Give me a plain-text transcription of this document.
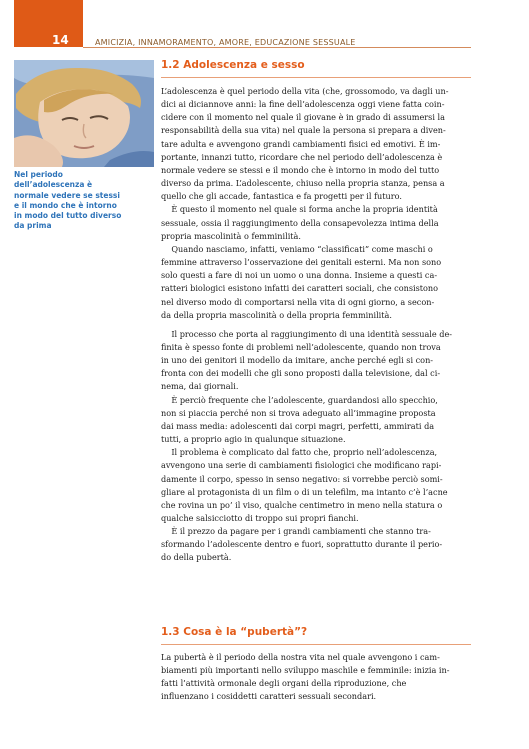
14	AMICIZIA, INNAMORAMENTO, AMORE, EDUCAZIONE SESSUALE

Nel periodo
dell’adolescenza è
normale vedere se stessi
e il mondo che è intorno
in modo del tutto diverso
da prima

1.2 Adolescenza e sesso

L’adolescenza è quel periodo della vita (che, grossomodo, va dagli un-
dici ai diciannove anni: la fine dell’adolescenza oggi viene fatta coin-
cidere con il momento nel quale il giovane è in grado di assumersi la
responsabilità della sua vita) nel quale la persona si prepara a diven-
tare adulta e avvengono grandi cambiamenti fisici ed emotivi. È im-
portante, innanzi tutto, ricordare che nel periodo dell’adolescenza è
normale vedere se stessi e il mondo che è intorno in modo del tutto
diverso da prima. L’adolescente, chiuso nella propria stanza, pensa a
quello che gli accade, fantastica e fa progetti per il futuro.

È questo il momento nel quale si forma anche la propria identità
sessuale, ossia il raggiungimento della consapevolezza intima della
propria mascolinità o femminilità.

Quando nasciamo, infatti, veniamo “classificati” come maschi o
femmine attraverso l’osservazione dei genitali esterni. Ma non sono
solo questi a fare di noi un uomo o una donna. Insieme a questi ca-
ratteri biologici esistono infatti dei caratteri sociali, che consistono
nel diverso modo di comportarsi nella vita di ogni giorno, a secon-
da della propria mascolinità o della propria femminilità.

Il processo che porta al raggiungimento di una identità sessuale de-
finita è spesso fonte di problemi nell’adolescente, quando non trova
in uno dei genitori il modello da imitare, anche perché egli si con-
fronta con dei modelli che gli sono proposti dalla televisione, dal ci-
nema, dai giornali.

È perciò frequente che l’adolescente, guardandosi allo specchio,
non si piaccia perché non si trova adeguato all’immagine proposta
dai mass media: adolescenti dai corpi magri, perfetti, ammirati da
tutti, a proprio agio in qualunque situazione.

Il problema è complicato dal fatto che, proprio nell’adolescenza,
avvengono una serie di cambiamenti fisiologici che modificano rapi-
damente il corpo, spesso in senso negativo: si vorrebbe perciò somi-
gliare al protagonista di un film o di un telefilm, ma intanto c’è l’acne
che rovina un po’ il viso, qualche centimetro in meno nella statura o
qualche salsicciotto di troppo sui propri fianchi.

È il prezzo da pagare per i grandi cambiamenti che stanno tra-
sformando l’adolescente dentro e fuori, soprattutto durante il perio-
do della pubertà.

1.3 Cosa è la “pubertà”?

La pubertà è il periodo della nostra vita nel quale avvengono i cam-
biamenti più importanti nello sviluppo maschile e femminile: inizia in-
fatti l’attività ormonale degli organi della riproduzione, che
influenzano i cosiddetti caratteri sessuali secondari.
